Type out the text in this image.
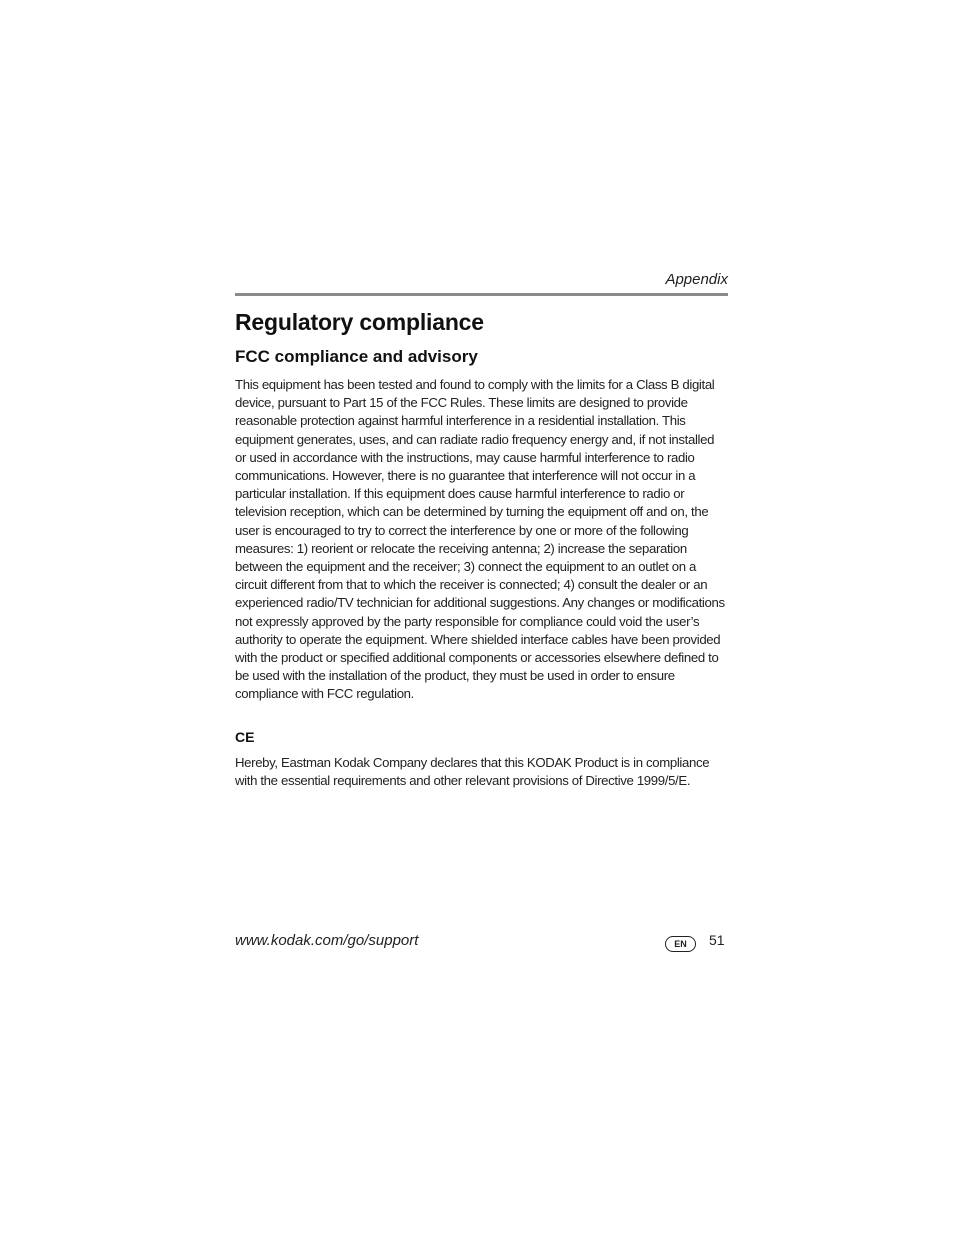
Appendix
Regulatory compliance
FCC compliance and advisory

This equipment has been tested and found to comply with the limits for a Class B digital device, pursuant to Part 15 of the FCC Rules. These limits are designed to provide reasonable protection against harmful interference in a residential installation. This equipment generates, uses, and can radiate radio frequency energy and, if not installed or used in accordance with the instructions, may cause harmful interference to radio communications. However, there is no guarantee that interference will not occur in a particular installation. If this equipment does cause harmful interference to radio or television reception, which can be determined by turning the equipment off and on, the user is encouraged to try to correct the interference by one or more of the following measures: 1) reorient or relocate the receiving antenna; 2) increase the separation between the equipment and the receiver; 3) connect the equipment to an outlet on a circuit different from that to which the receiver is connected; 4) consult the dealer or an experienced radio/TV technician for additional suggestions. Any changes or modifications not expressly approved by the party responsible for compliance could void the user’s authority to operate the equipment. Where shielded interface cables have been provided with the product or specified additional components or accessories elsewhere defined to be used with the installation of the product, they must be used in order to ensure compliance with FCC regulation.

CE

Hereby, Eastman Kodak Company declares that this KODAK Product is in compliance with the essential requirements and other relevant provisions of Directive 1999/5/E.

www.kodak.com/go/support	EN	51
